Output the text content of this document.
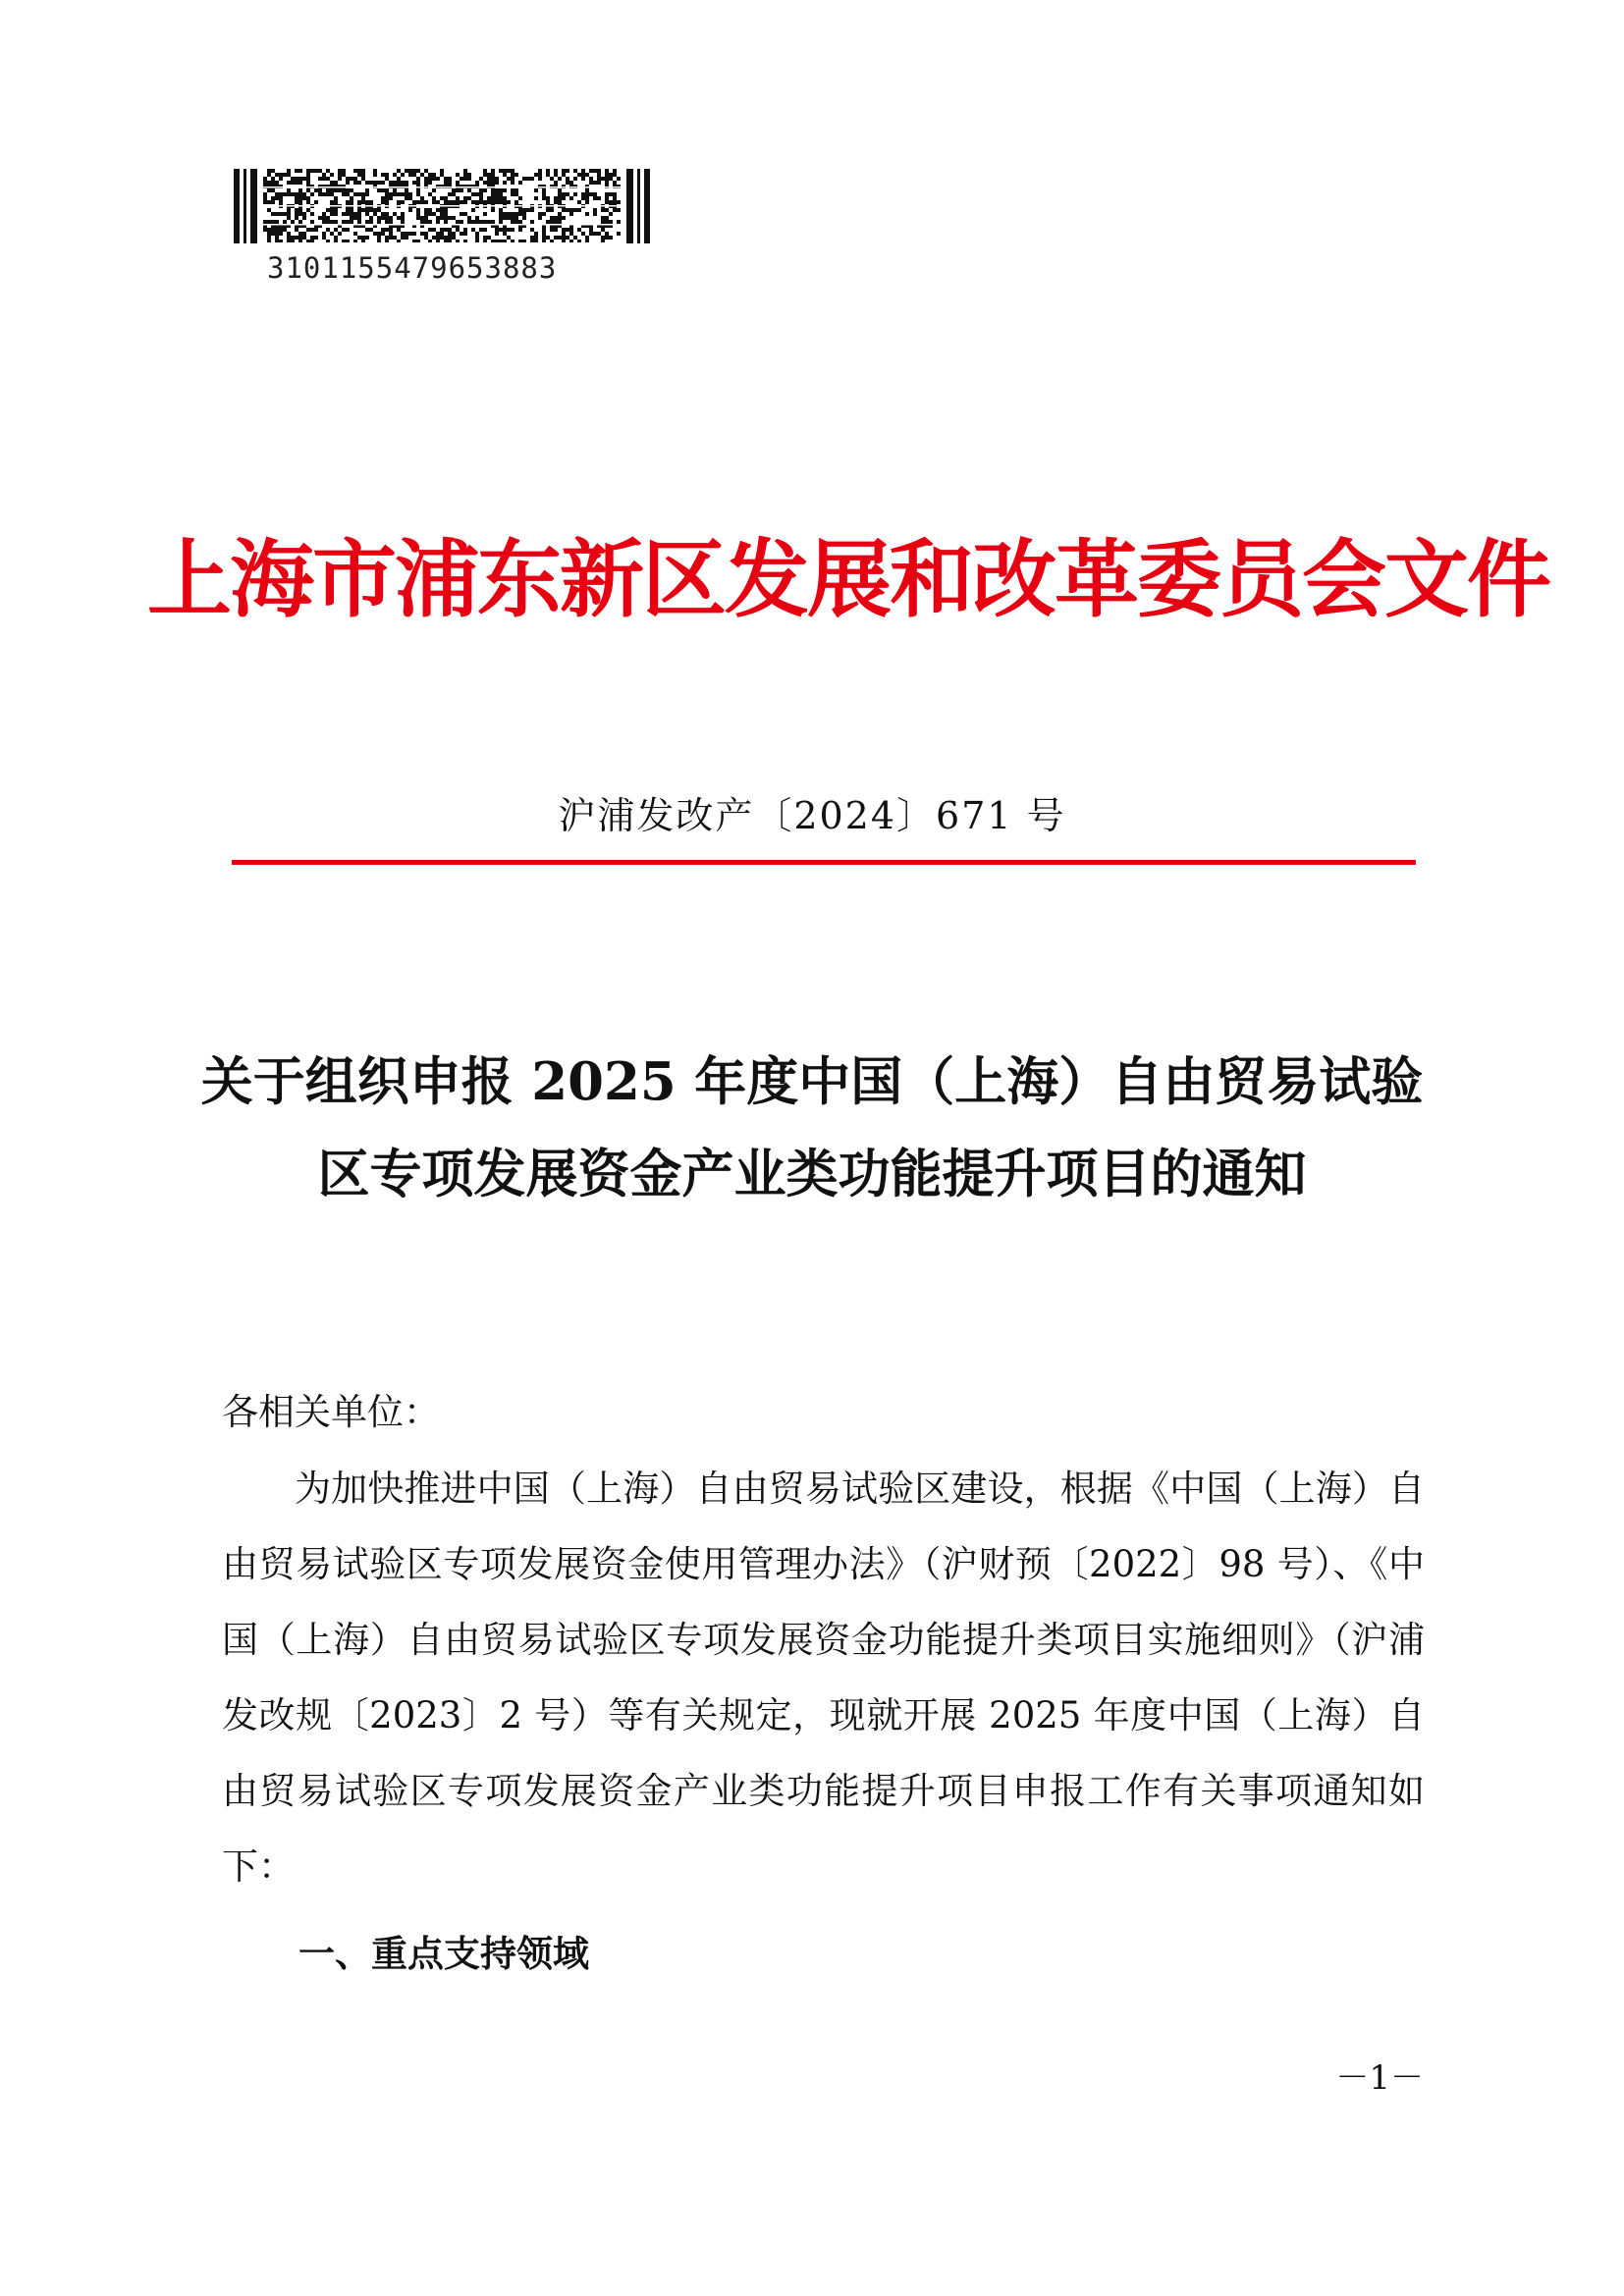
3101155479653883
上海市浦东新区发展和改革委员会文件
沪浦发改产〔2024〕671 号
关于组织申报 2025 年度中国（上海）自由贸易试验区专项发展资金产业类功能提升项目的通知
各相关单位：
为加快推进中国（上海）自由贸易试验区建设，根据《中国（上海）自由贸易试验区专项发展资金使用管理办法》（沪财预〔2022〕98 号）、《中国（上海）自由贸易试验区专项发展资金功能提升类项目实施细则》（沪浦发改规〔2023〕2 号）等有关规定，现就开展 2025 年度中国（上海）自由贸易试验区专项发展资金产业类功能提升项目申报工作有关事项通知如下：
一、重点支持领域
－1－
